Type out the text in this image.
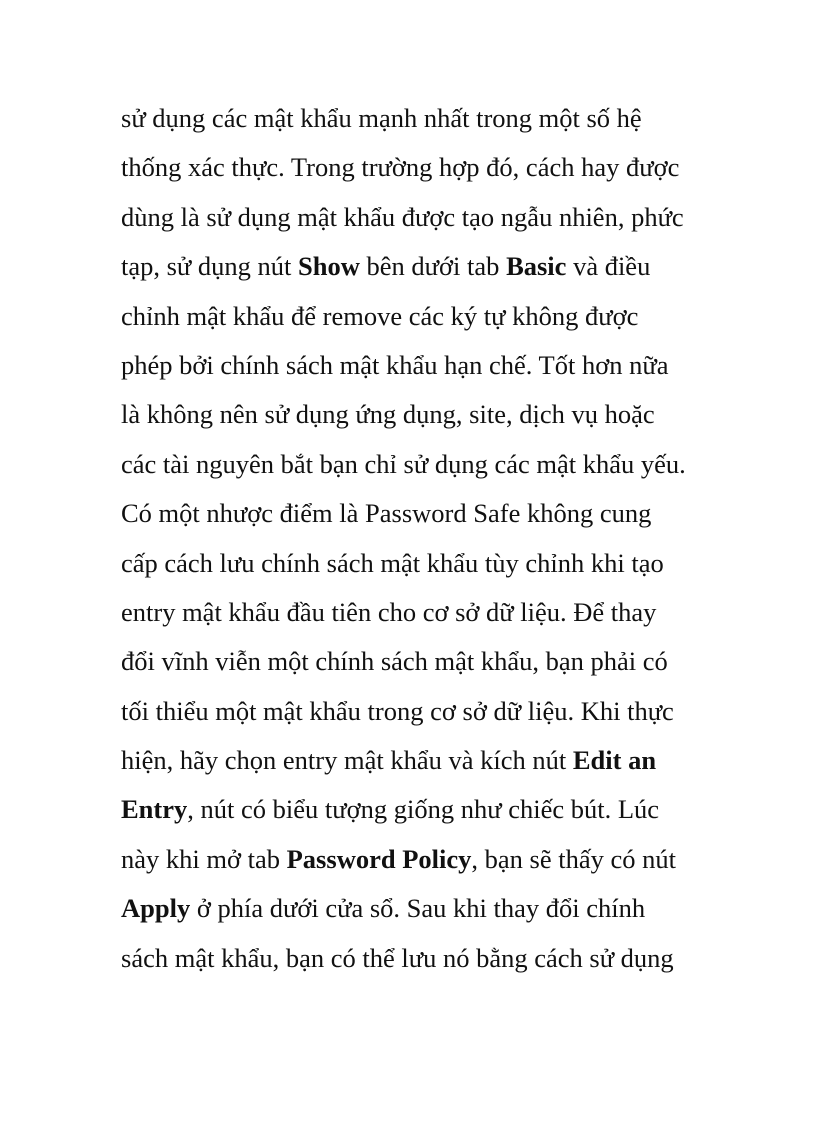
sử dụng các mật khẩu mạnh nhất trong một số hệ
thống xác thực. Trong trường hợp đó, cách hay được
dùng là sử dụng mật khẩu được tạo ngẫu nhiên, phức
tạp, sử dụng nút Show bên dưới tab Basic và điều
chỉnh mật khẩu để remove các ký tự không được
phép bởi chính sách mật khẩu hạn chế. Tốt hơn nữa
là không nên sử dụng ứng dụng, site, dịch vụ hoặc
các tài nguyên bắt bạn chỉ sử dụng các mật khẩu yếu.
Có một nhược điểm là Password Safe không cung
cấp cách lưu chính sách mật khẩu tùy chỉnh khi tạo
entry mật khẩu đầu tiên cho cơ sở dữ liệu. Để thay
đổi vĩnh viễn một chính sách mật khẩu, bạn phải có
tối thiểu một mật khẩu trong cơ sở dữ liệu. Khi thực
hiện, hãy chọn entry mật khẩu và kích nút Edit an
Entry, nút có biểu tượng giống như chiếc bút. Lúc
này khi mở tab Password Policy, bạn sẽ thấy có nút
Apply ở phía dưới cửa sổ. Sau khi thay đổi chính
sách mật khẩu, bạn có thể lưu nó bằng cách sử dụng
